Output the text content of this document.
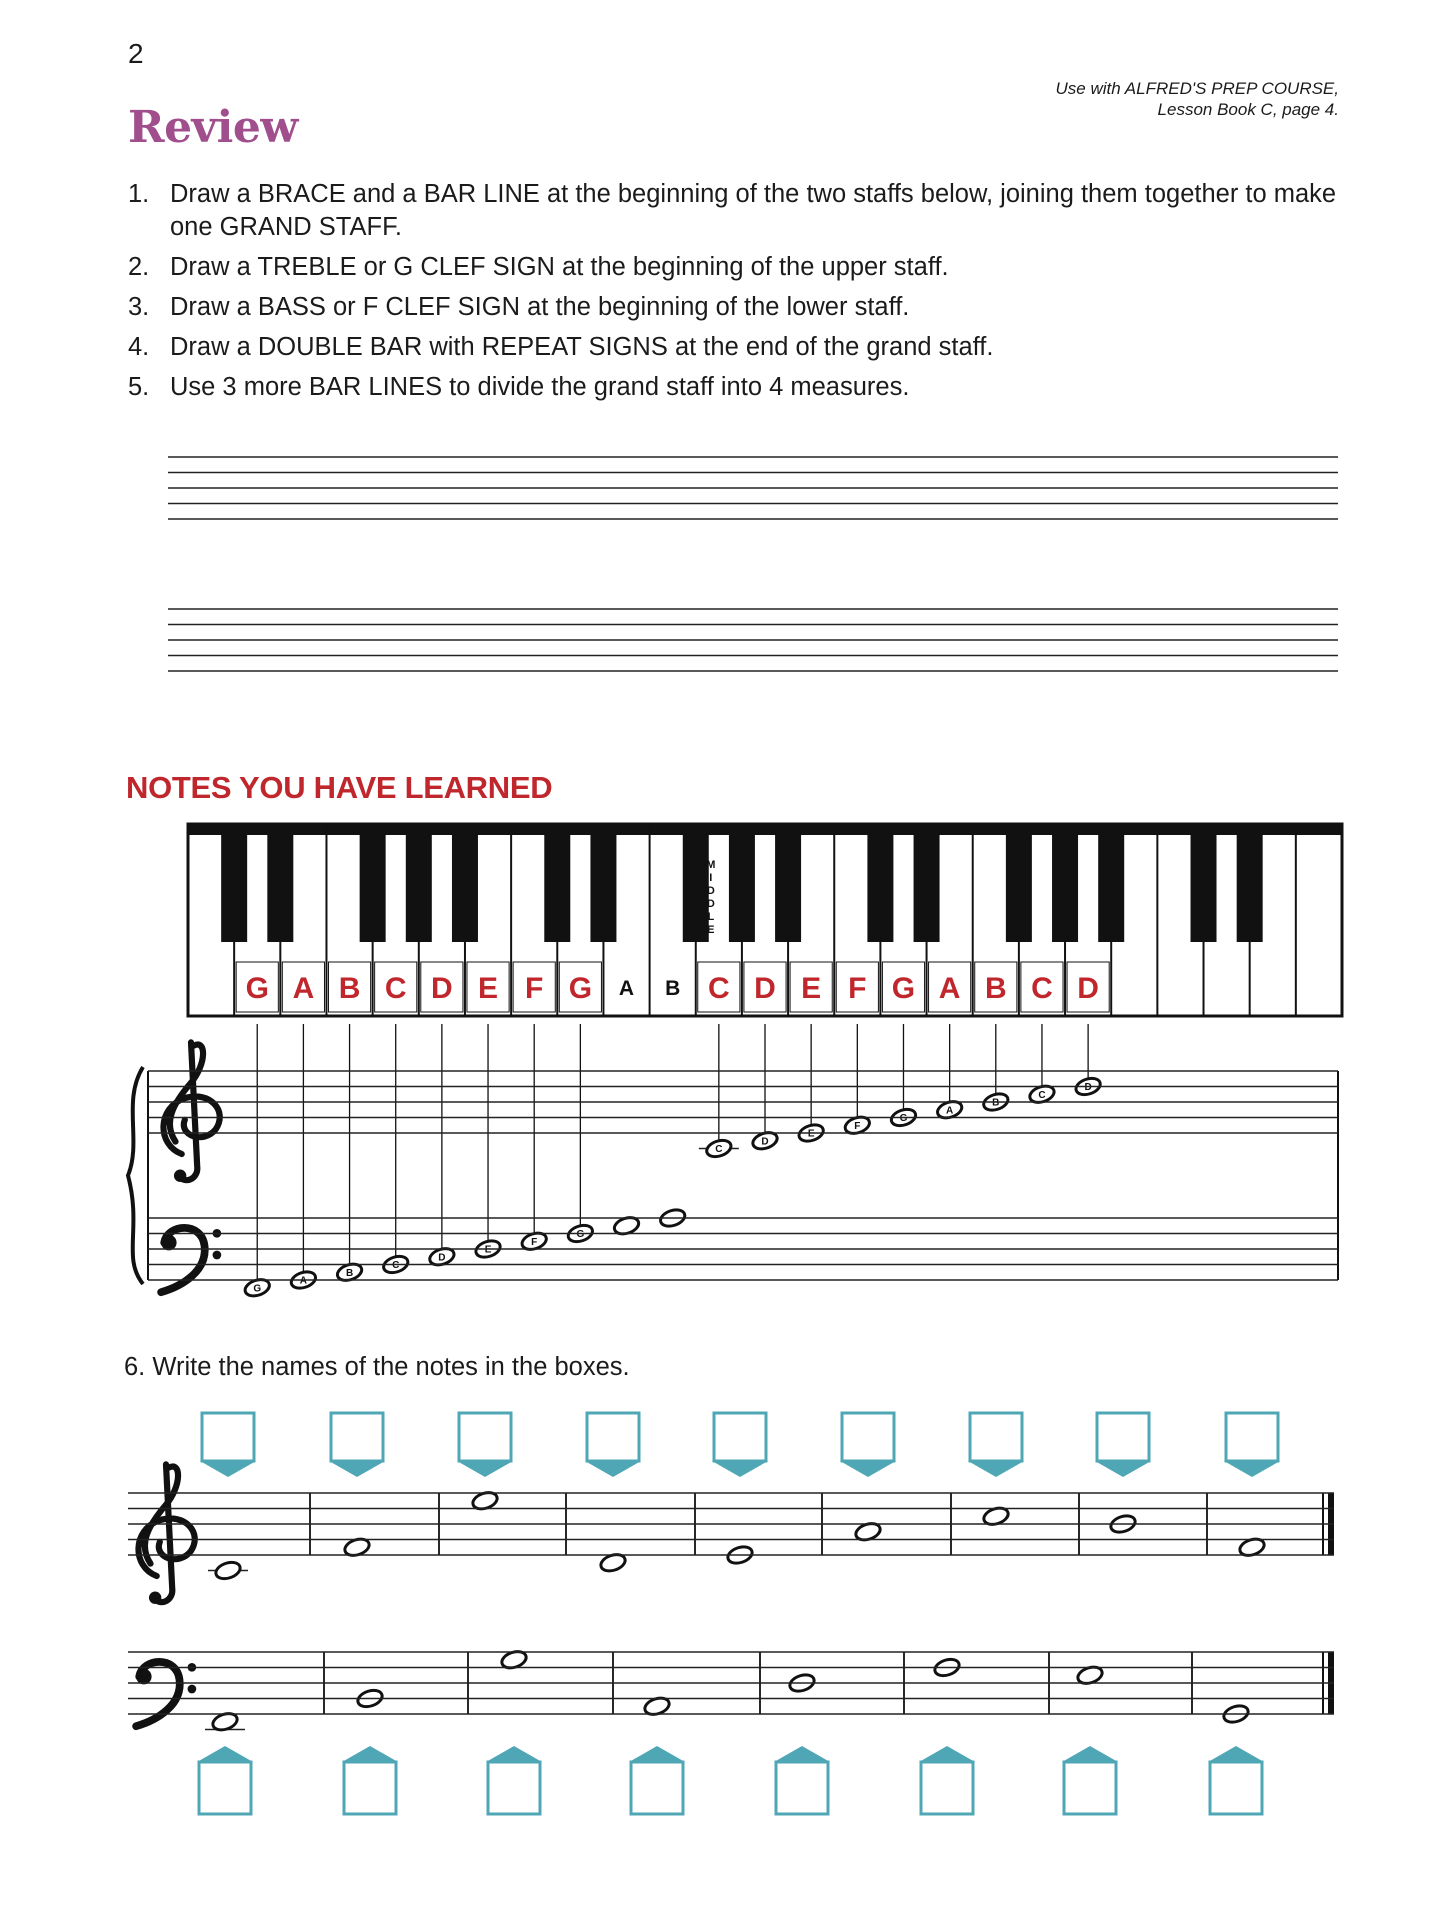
2
Use with ALFRED'S PREP COURSE,
Lesson Book C, page 4.
Review
1. Draw a BRACE and a BAR LINE at the beginning of the two staffs below, joining them together to make one GRAND STAFF.
2. Draw a TREBLE or G CLEF SIGN at the beginning of the upper staff.
3. Draw a BASS or F CLEF SIGN at the beginning of the lower staff.
4. Draw a DOUBLE BAR with REPEAT SIGNS at the end of the grand staff.
5. Use 3 more BAR LINES to divide the grand staff into 4 measures.
NOTES YOU HAVE LEARNED
6. Write the names of the notes in the boxes.
G A B C D E F G A B C D E F G A B C D
M
I
D
D
L
E
G
A
B
C
D
E
F
G
C
D
E
F
G
A
B
C
D
